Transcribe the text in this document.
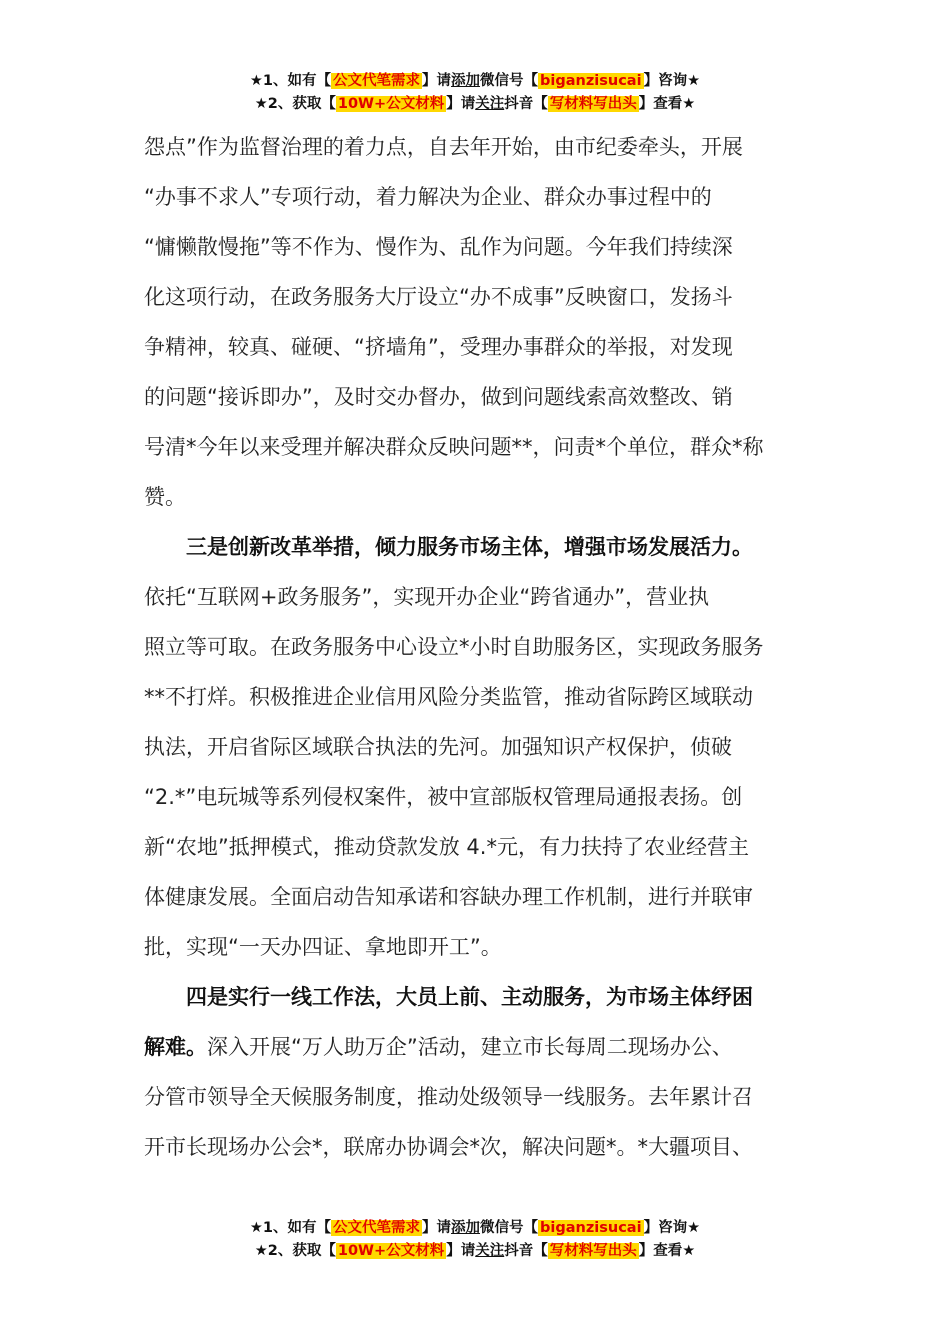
★1、如有【 公文代笔需求 】请添加微信号【 biganzisucai 】咨询★
★2、获取【 10W+公文材料 】请关注抖音【 写材料写出头 】查看★

怨点”作为监督治理的着力点，自去年开始，由市纪委牵头，开展
“办事不求人”专项行动，着力解决为企业、群众办事过程中的
“慵懒散慢拖”等不作为、慢作为、乱作为问题。今年我们持续深
化这项行动，在政务服务大厅设立“办不成事”反映窗口，发扬斗
争精神，较真、碰硬、“挤墙角”，受理办事群众的举报，对发现
的问题“接诉即办”，及时交办督办，做到问题线索高效整改、销
号清*今年以来受理并解决群众反映问题**，问责*个单位，群众*称
赞。

三是创新改革举措，倾力服务市场主体，增强市场发展活力。
依托“互联网+政务服务”，实现开办企业“跨省通办”，营业执
照立等可取。在政务服务中心设立*小时自助服务区，实现政务服务
**不打烊。积极推进企业信用风险分类监管，推动省际跨区域联动
执法，开启省际区域联合执法的先河。加强知识产权保护，侦破
“2.*”电玩城等系列侵权案件，被中宣部版权管理局通报表扬。创
新“农地”抵押模式，推动贷款发放 4.*元，有力扶持了农业经营主
体健康发展。全面启动告知承诺和容缺办理工作机制，进行并联审
批，实现“一天办四证、拿地即开工”。

四是实行一线工作法，大员上前、主动服务，为市场主体纾困
解难。深入开展“万人助万企”活动，建立市长每周二现场办公、
分管市领导全天候服务制度，推动处级领导一线服务。去年累计召
开市长现场办公会*，联席办协调会*次，解决问题*。*大疆项目、

★1、如有【 公文代笔需求 】请添加微信号【 biganzisucai 】咨询★
★2、获取【 10W+公文材料 】请关注抖音【 写材料写出头 】查看★
